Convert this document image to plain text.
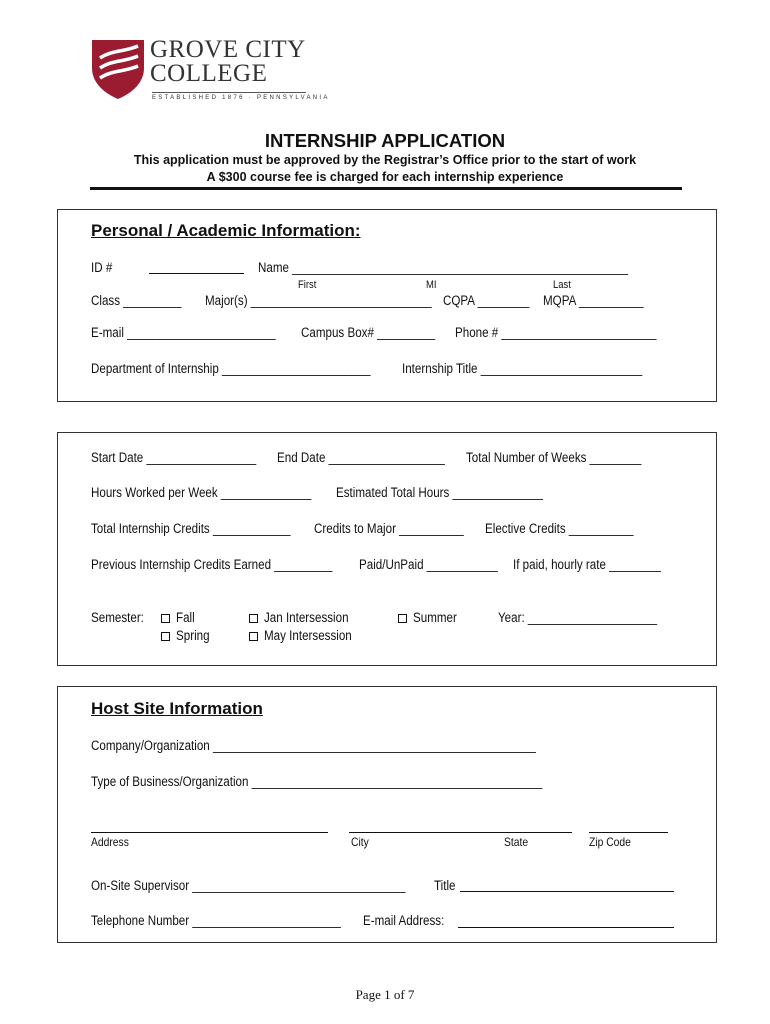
GROVE CITY
COLLEGE
ESTABLISHED 1876 · PENNSYLVANIA
INTERNSHIP APPLICATION
This application must be approved by the Registrar’s Office prior to the start of work
A $300 course fee is charged for each internship experience
Personal / Academic Information:
ID #	Name ____________________________________________________
First	MI	Last
Class _________ Major(s) ____________________________ CQPA ________ MQPA __________
E-mail _______________________ Campus Box# _________ Phone # ________________________
Department of Internship _______________________ Internship Title _________________________
Start Date _________________ End Date __________________ Total Number of Weeks ________
Hours Worked per Week ______________ Estimated Total Hours ______________
Total Internship Credits ____________ Credits to Major __________ Elective Credits __________
Previous Internship Credits Earned _________ Paid/UnPaid ___________ If paid, hourly rate ________
Semester:	Fall
Spring
Jan Intersession
May Intersession
Summer	Year: ____________________
Host Site Information
Company/Organization __________________________________________________
Type of Business/Organization _____________________________________________
Address	City	State	Zip Code
On-Site Supervisor _________________________________ Title
Telephone Number _______________________ E-mail Address:
Page 1 of 7
